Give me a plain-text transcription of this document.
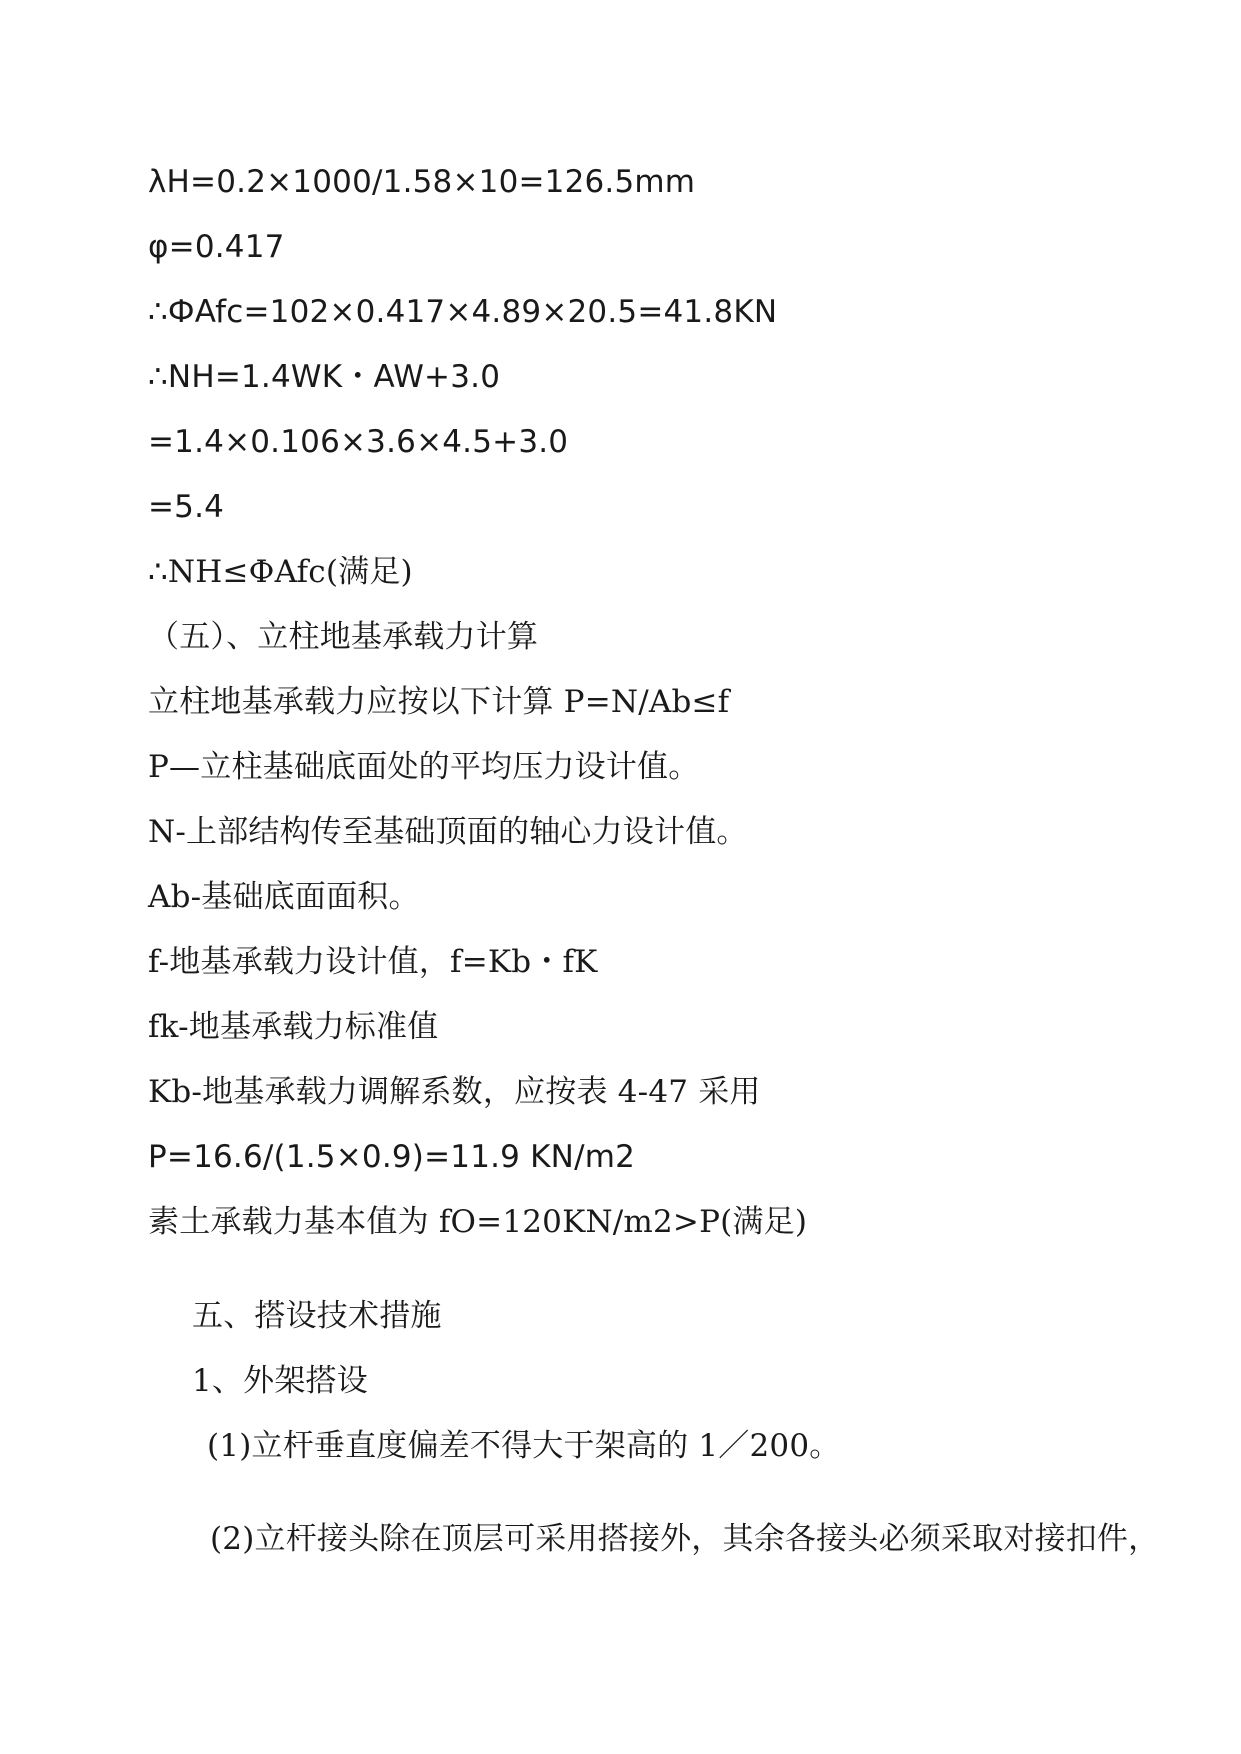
λH=0.2×1000/1.58×10=126.5mm
φ=0.417
∴ФAfc=102×0.417×4.89×20.5=41.8KN
∴NH=1.4WK・AW+3.0
=1.4×0.106×3.6×4.5+3.0
=5.4
∴NH≤ФAfc(满足)
（五）、立柱地基承载力计算
立柱地基承载力应按以下计算 P=N/Ab≤f
P—立柱基础底面处的平均压力设计值。
N-上部结构传至基础顶面的轴心力设计值。
Ab-基础底面面积。
f-地基承载力设计值，f=Kb・fK
fk-地基承载力标准值
Kb-地基承载力调解系数，应按表 4-47 采用
P=16.6/(1.5×0.9)=11.9 KN/m2
素土承载力基本值为 fO=120KN/m2>P(满足)
五、搭设技术措施
1、外架搭设
(1)立杆垂直度偏差不得大于架高的 1／200。
(2)立杆接头除在顶层可采用搭接外，其余各接头必须采取对接扣件，
